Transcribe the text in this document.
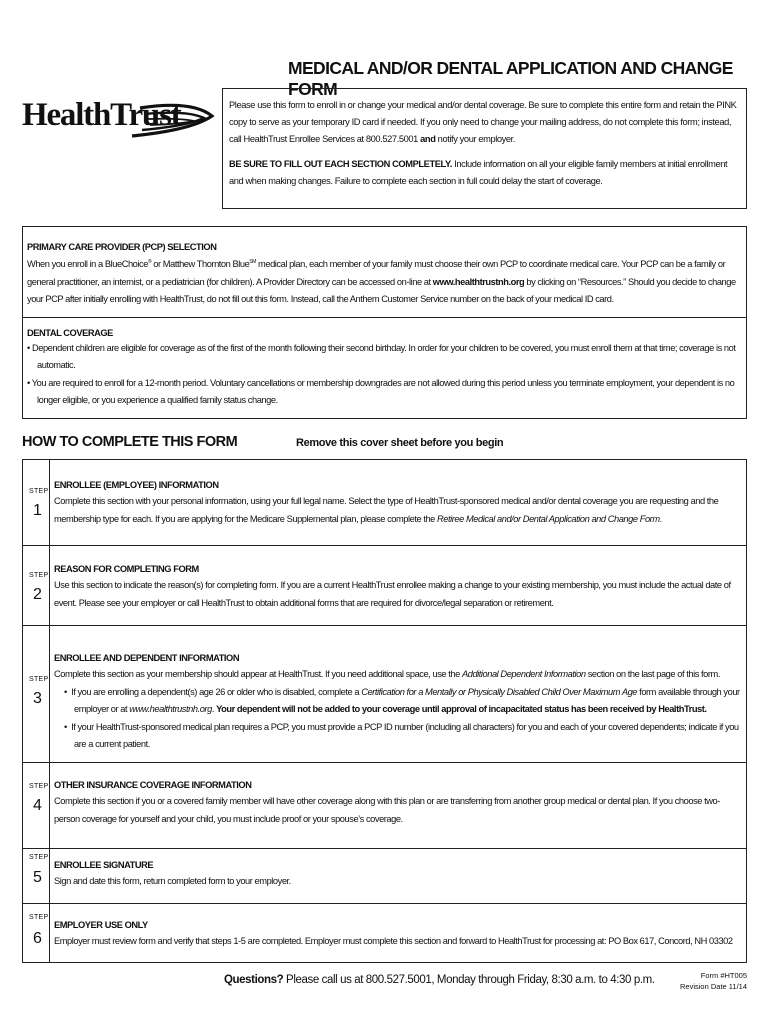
MEDICAL AND/OR DENTAL APPLICATION AND CHANGE FORM
HealthTrust	Please use this form to enroll in or change your medical and/or dental coverage. Be sure to complete this entire form and retain the PINK copy to serve as your temporary ID card if needed. If you only need to change your mailing address, do not complete this form; instead, call HealthTrust Enrollee Services at 800.527.5001 and notify your employer.

BE SURE TO FILL OUT EACH SECTION COMPLETELY. Include information on all your eligible family members at initial enrollment and when making changes. Failure to complete each section in full could delay the start of coverage.

PRIMARY CARE PROVIDER (PCP) SELECTION
When you enroll in a BlueChoice® or Matthew Thornton Blue℠ medical plan, each member of your family must choose their own PCP to coordinate medical care. Your PCP can be a family or general practitioner, an internist, or a pediatrician (for children). A Provider Directory can be accessed on-line at www.healthtrustnh.org by clicking on “Resources.” Should you decide to change your PCP after initially enrolling with HealthTrust, do not fill out this form. Instead, call the Anthem Customer Service number on the back of your medical ID card.
DENTAL COVERAGE
• Dependent children are eligible for coverage as of the first of the month following their second birthday. In order for your children to be covered, you must enroll them at that time; coverage is not automatic.
• You are required to enroll for a 12-month period. Voluntary cancellations or membership downgrades are not allowed during this period unless you terminate employment, your dependent is no longer eligible, or you experience a qualified family status change.
HOW TO COMPLETE THIS FORM	Remove this cover sheet before you begin
STEP
1
ENROLLEE (EMPLOYEE) INFORMATION
Complete this section with your personal information, using your full legal name. Select the type of HealthTrust-sponsored medical and/or dental coverage you are requesting and the membership type for each. If you are applying for the Medicare Supplemental plan, please complete the Retiree Medical and/or Dental Application and Change Form.
STEP
2
REASON FOR COMPLETING FORM
Use this section to indicate the reason(s) for completing form. If you are a current HealthTrust enrollee making a change to your existing membership, you must include the actual date of event. Please see your employer or call HealthTrust to obtain additional forms that are required for divorce/legal separation or retirement.
STEP
3
ENROLLEE AND DEPENDENT INFORMATION
Complete this section as your membership should appear at HealthTrust. If you need additional space, use the Additional Dependent Information section on the last page of this form.
•  If you are enrolling a dependent(s) age 26 or older who is disabled, complete a Certification for a Mentally or Physically Disabled Child Over Maximum Age form available through your employer or at www.healthtrustnh.org. Your dependent will not be added to your coverage until approval of incapacitated status has been received by HealthTrust.
•  If your HealthTrust-sponsored medical plan requires a PCP, you must provide a PCP ID number (including all characters) for you and each of your covered dependents; indicate if you are a current patient.
STEP
4
OTHER INSURANCE COVERAGE INFORMATION
Complete this section if you or a covered family member will have other coverage along with this plan or are transferring from another group medical or dental plan. If you choose two-person coverage for yourself and your child, you must include proof or your spouse’s coverage.
STEP
5
ENROLLEE SIGNATURE
Sign and date this form, return completed form to your employer.
STEP
6
EMPLOYER USE ONLY
Employer must review form and verify that steps 1-5 are completed. Employer must complete this section and forward to HealthTrust for processing at: PO Box 617, Concord, NH 03302
Questions? Please call us at 800.527.5001, Monday through Friday, 8:30 a.m. to 4:30 p.m.	Form #HT005
Revision Date 11/14
